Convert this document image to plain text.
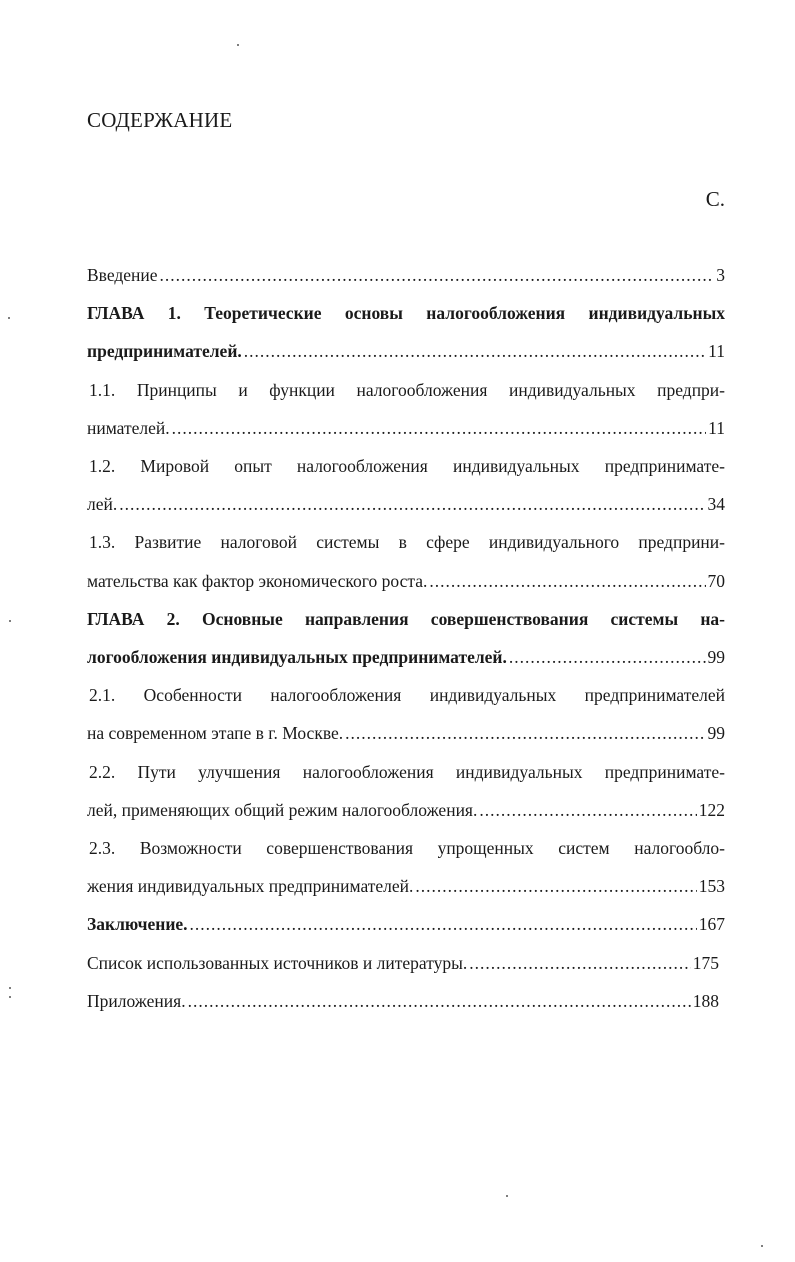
СОДЕРЖАНИЕ
С.
Введение .....	3
ГЛАВА 1. Теоретические основы налогообложения индивидуальных
предпринимателей. .....	11
1.1. Принципы и функции налогообложения индивидуальных предпри-
нимателей. .....	11
1.2. Мировой опыт налогообложения индивидуальных предпринимате-
лей. .....	34
1.3. Развитие налоговой системы в сфере индивидуального предприни-
мательства как фактор экономического роста. .....	70
ГЛАВА 2. Основные направления совершенствования системы на-
логообложения индивидуальных предпринимателей. .....	99
2.1. Особенности налогообложения индивидуальных предпринимателей
на современном этапе в г. Москве. .....	99
2.2. Пути улучшения налогообложения индивидуальных предпринимате-
лей, применяющих общий режим налогообложения. .....	122
2.3. Возможности совершенствования упрощенных систем налогообло-
жения индивидуальных предпринимателей. .....	153
Заключение. .....	167
Список использованных источников и литературы. .....	175
Приложения. .....	188
